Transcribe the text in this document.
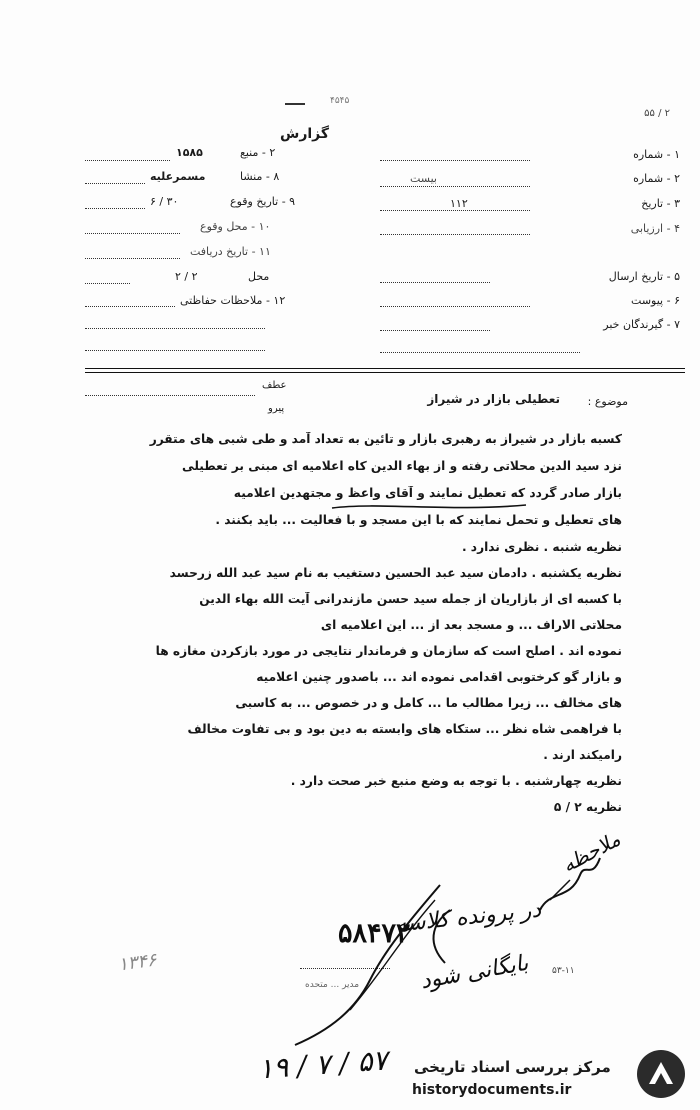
۵۵ / ۲
۴۵۴۵
گزارش
۱۵۸۵	۲ - منبع
مسمرعلیه	۸ - منشا
۶ / ۳۰	۹ - تاریخ وقوع
۱۰ - محل وقوع
۱۱ - تاریخ دریافت
۲ / ۲	محل
۱۲ - ملاحظات حفاظتی
۱ - شماره
بیست	۲ - شماره
۱۱۲	۳ - تاریخ
۴ - ارزیابی
۵ - تاریخ ارسال
۶ - پیوست
۷ - گیرندگان خبر
عطف
پیرو
تعطیلی بازار در شیراز	موضوع :
کسبه بازار در شیراز به رهبری بازار و تائین به تعداد آمد و طی شبی های متقرر
نزد سید الدین محلاتی رفته و از بهاء الدین کاه اعلامیه ای مبنی بر تعطیلی
بازار صادر گردد که تعطیل نمایند و آقای واعظ و مجتهدین اعلامیه
های تعطیل و تحمل نمایند که با این مسجد و با فعالیت ... باید بکنند .
نظریه شنبه . نظری ندارد .
نظریه یکشنبه . دادمان سید عبد الحسین دستغیب به نام سید عبد الله زرحسد
با کسبه ای از بازاریان از جمله سید حسن مازندرانی آیت الله بهاء الدین
محلاتی الاراف ... و مسجد بعد از ... این اعلامیه ای
نموده اند . اصلح است که سازمان و فرماندار نتایجی در مورد بازکردن مغازه ها
و بازار گو کرختوبی اقدامی نموده اند ... باصدور چنین اعلامیه
های مخالف ... زیرا مطالب ما ... کامل و در خصوص ... به کاسبی
با فراهمی شاه نظر ... ستکاه های وابسته به دین بود و بی تفاوت مخالف
رامیکند ارند .
نظریه چهارشنبه . با توجه به وضع منبع خبر صحت دارد .
نظریه ۲ / ۵
ملاحظه
در پرونده کلاسه
۵۸۴۷۲
بایگانی شود
۱۳۴۶	۵۳-۱۱
مدیر ... متحده
۵۷ / ۷ / ۱۹ مرکز بررسی اسناد تاریخی
historydocuments.ir
